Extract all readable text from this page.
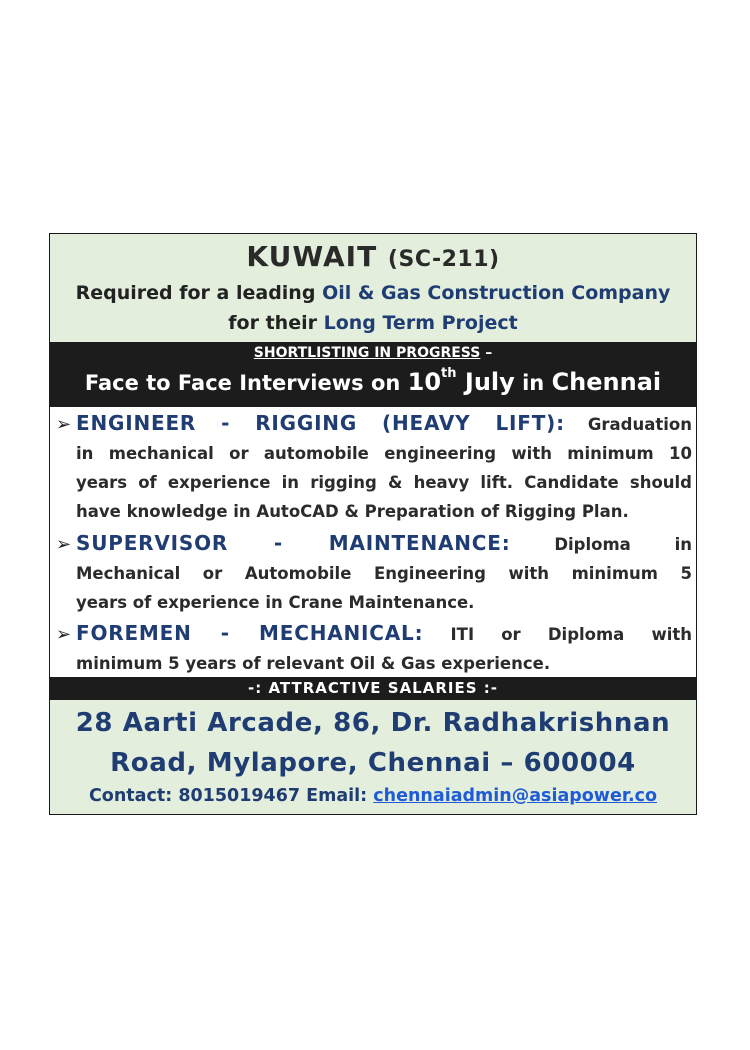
KUWAIT (SC-211)
Required for a leading Oil & Gas Construction Company
for their Long Term Project
SHORTLISTING IN PROGRESS –
Face to Face Interviews on 10th July in Chennai
➢ ENGINEER - RIGGING (HEAVY LIFT): Graduation
in mechanical or automobile engineering with minimum 10
years of experience in rigging & heavy lift. Candidate should
have knowledge in AutoCAD & Preparation of Rigging Plan.
➢ SUPERVISOR - MAINTENANCE:	Diploma in
Mechanical or Automobile Engineering with minimum 5
years of experience in Crane Maintenance.
➢ FOREMEN - MECHANICAL: ITI or Diploma with
minimum 5 years of relevant Oil & Gas experience.
-: ATTRACTIVE SALARIES :-
28 Aarti Arcade, 86, Dr. Radhakrishnan
Road, Mylapore, Chennai – 600004
Contact: 8015019467 Email: chennaiadmin@asiapower.co
